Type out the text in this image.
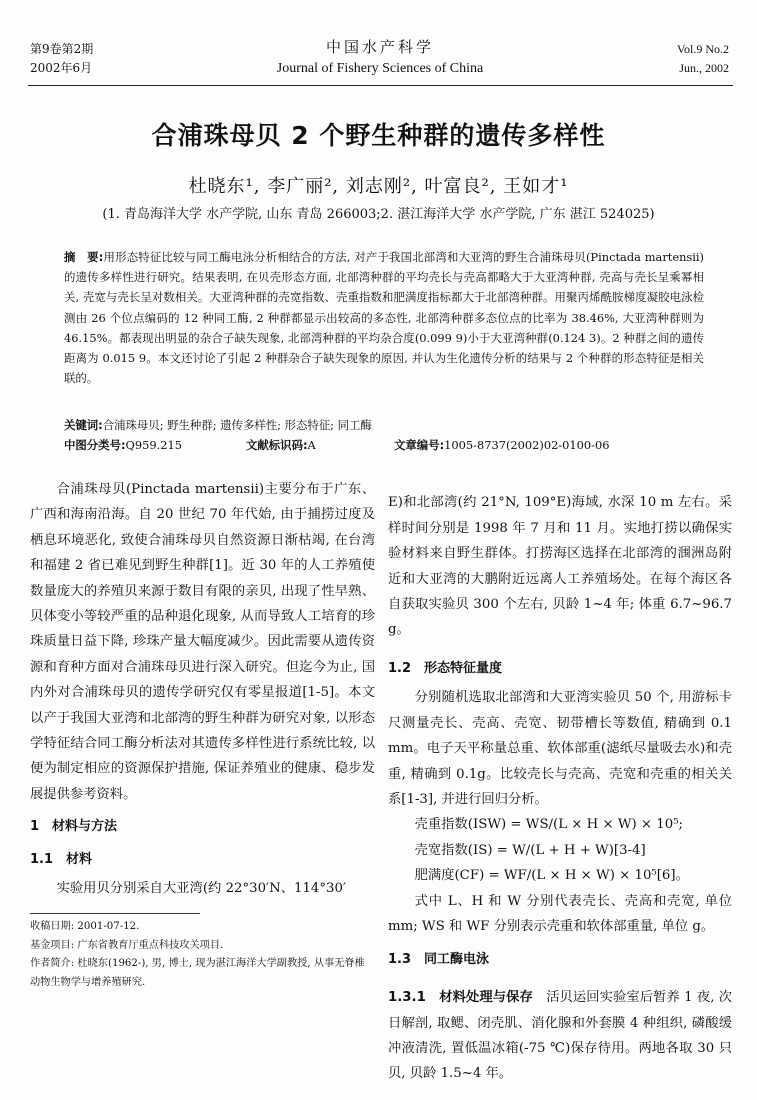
第9卷第2期
2002年6月
中国水产科学
Journal of Fishery Sciences of China
Vol.9 No.2
Jun., 2002
合浦珠母贝 2 个野生种群的遗传多样性
杜晓东¹, 李广丽², 刘志刚², 叶富良², 王如才¹
(1. 青岛海洋大学 水产学院, 山东 青岛 266003;2. 湛江海洋大学 水产学院, 广东 湛江 524025)
摘　要:用形态特征比较与同工酶电泳分析相结合的方法, 对产于我国北部湾和大亚湾的野生合浦珠母贝(Pinctada martensii)的遗传多样性进行研究。结果表明, 在贝壳形态方面, 北部湾种群的平均壳长与壳高都略大于大亚湾种群, 壳高与壳长呈乘幂相关, 壳宽与壳长呈对数相关。大亚湾种群的壳宽指数、壳重指数和肥满度指标都大于北部湾种群。用聚丙烯酰胺梯度凝胶电泳检测由 26 个位点编码的 12 种同工酶, 2 种群都显示出较高的多态性, 北部湾种群多态位点的比率为 38.46%, 大亚湾种群则为 46.15%。都表现出明显的杂合子缺失现象, 北部湾种群的平均杂合度(0.099 9)小于大亚湾种群(0.124 3)。2 种群之间的遗传距离为 0.015 9。本文还讨论了引起 2 种群杂合子缺失现象的原因, 并认为生化遗传分析的结果与 2 个种群的形态特征是相关联的。
关键词:合浦珠母贝; 野生种群; 遗传多样性; 形态特征; 同工酶
中图分类号:Q959.215	文献标识码:A	文章编号:1005-8737(2002)02-0100-06

合浦珠母贝(Pinctada martensii)主要分布于广东、广西和海南沿海。自 20 世纪 70 年代始, 由于捕捞过度及栖息环境恶化, 致使合浦珠母贝自然资源日渐枯竭, 在台湾和福建 2 省已难见到野生种群[1]。近 30 年的人工养殖使数量庞大的养殖贝来源于数目有限的亲贝, 出现了性早熟、贝体变小等较严重的品种退化现象, 从而导致人工培育的珍珠质量日益下降, 珍珠产量大幅度减少。因此需要从遗传资源和育种方面对合浦珠母贝进行深入研究。但迄今为止, 国内外对合浦珠母贝的遗传学研究仅有零星报道[1-5]。本文以产于我国大亚湾和北部湾的野生种群为研究对象, 以形态学特征结合同工酶分析法对其遗传多样性进行系统比较, 以便为制定相应的资源保护措施, 保证养殖业的健康、稳步发展提供参考资料。

1　材料与方法
1.1　材料

实验用贝分别采自大亚湾(约 22°30′N、114°30′

E)和北部湾(约 21°N, 109°E)海域, 水深 10 m 左右。采样时间分别是 1998 年 7 月和 11 月。实地打捞以确保实验材料来自野生群体。打捞海区选择在北部湾的涠洲岛附近和大亚湾的大鹏附近远离人工养殖场处。在每个海区各自获取实验贝 300 个左右, 贝龄 1~4 年; 体重 6.7~96.7 g。

1.2　形态特征量度

分别随机选取北部湾和大亚湾实验贝 50 个, 用游标卡尺测量壳长、壳高、壳宽、韧带槽长等数值, 精确到 0.1 mm。电子天平称量总重、软体部重(滤纸尽量吸去水)和壳重, 精确到 0.1g。比较壳长与壳高、壳宽和壳重的相关关系[1-3], 并进行回归分析。

壳重指数(ISW) = WS/(L × H × W) × 10⁵;

壳宽指数(IS) = W/(L + H + W)[3-4]

肥满度(CF) = WF/(L × H × W) × 10⁵[6]。

式中 L、H 和 W 分别代表壳长、壳高和壳宽, 单位 mm; WS 和 WF 分别表示壳重和软体部重量, 单位 g。

1.3　同工酶电泳

1.3.1　材料处理与保存　 活贝运回实验室后暂养 1 夜, 次日解剖, 取鳃、闭壳肌、消化腺和外套膜 4 种组织, 磷酸缓冲液清洗, 置低温冰箱(-75 ℃)保存待用。两地各取 30 只贝, 贝龄 1.5~4 年。

收稿日期: 2001-07-12.
基金项目: 广东省教育厅重点科技攻关项目.
作者简介: 杜晓东(1962-), 男, 博士, 现为湛江海洋大学副教授, 从事无脊椎动物生物学与增养殖研究.
